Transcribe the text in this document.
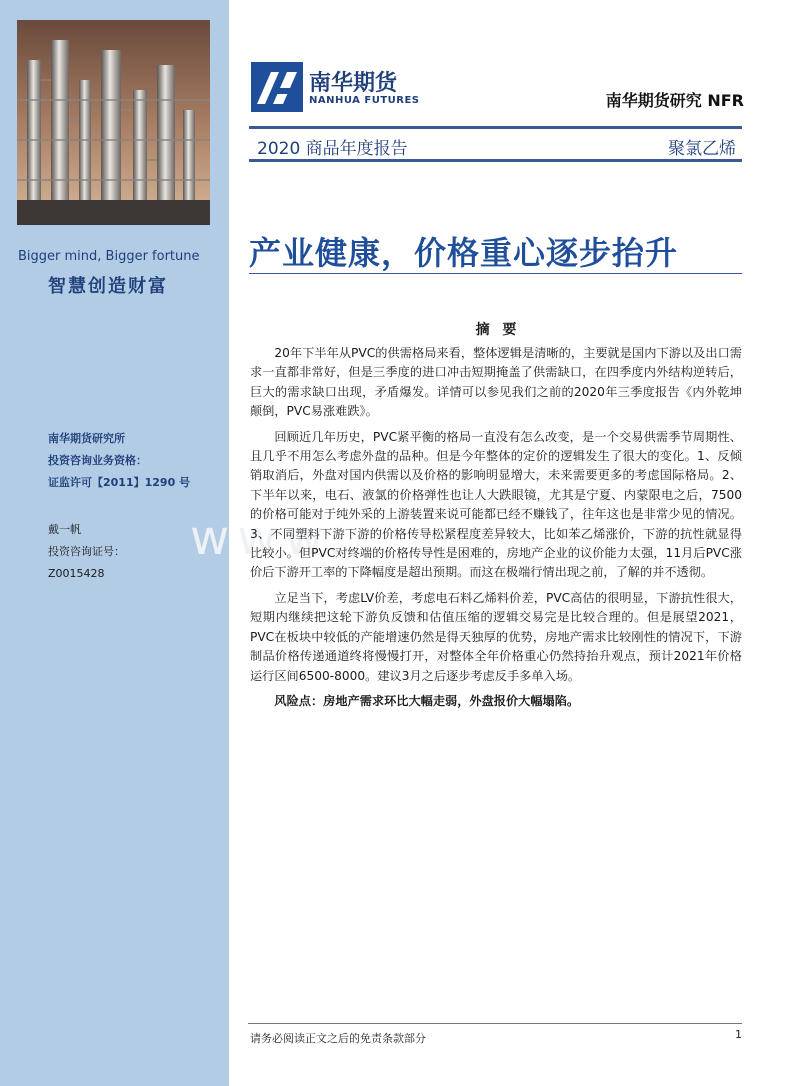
Bigger mind, Bigger fortune
智慧创造财富
南华期货研究所
投资咨询业务资格：
证监许可【2011】1290 号
戴一帆
投资咨询证号：
Z0015428
www.
南华期货
NANHUA FUTURES	南华期货研究 NFR
2020 商品年度报告	聚氯乙烯
产业健康，价格重心逐步抬升
摘 要

20年下半年从PVC的供需格局来看，整体逻辑是清晰的，主要就是国内下游以及出口需求一直都非常好，但是三季度的进口冲击短期掩盖了供需缺口，在四季度内外结构逆转后，巨大的需求缺口出现，矛盾爆发。详情可以参见我们之前的2020年三季度报告《内外乾坤颠倒，PVC易涨难跌》。

回顾近几年历史，PVC紧平衡的格局一直没有怎么改变，是一个交易供需季节周期性、且几乎不用怎么考虑外盘的品种。但是今年整体的定价的逻辑发生了很大的变化。1、反倾销取消后，外盘对国内供需以及价格的影响明显增大，未来需要更多的考虑国际格局。2、下半年以来，电石、液氯的价格弹性也让人大跌眼镜，尤其是宁夏、内蒙限电之后，7500的价格可能对于纯外采的上游装置来说可能都已经不赚钱了，往年这也是非常少见的情况。3、不同塑料下游下游的价格传导松紧程度差异较大，比如苯乙烯涨价，下游的抗性就显得比较小。但PVC对终端的价格传导性是困难的，房地产企业的议价能力太强，11月后PVC涨价后下游开工率的下降幅度是超出预期。而这在极端行情出现之前，了解的并不透彻。

立足当下，考虑LV价差，考虑电石料乙烯料价差，PVC高估的很明显，下游抗性很大，短期内继续把这轮下游负反馈和估值压缩的逻辑交易完是比较合理的。但是展望2021，PVC在板块中较低的产能增速仍然是得天独厚的优势，房地产需求比较刚性的情况下，下游制品价格传递通道终将慢慢打开，对整体全年价格重心仍然持抬升观点，预计2021年价格运行区间6500-8000。建议3月之后逐步考虑反手多单入场。

风险点：房地产需求环比大幅走弱，外盘报价大幅塌陷。

请务必阅读正文之后的免责条款部分	1
